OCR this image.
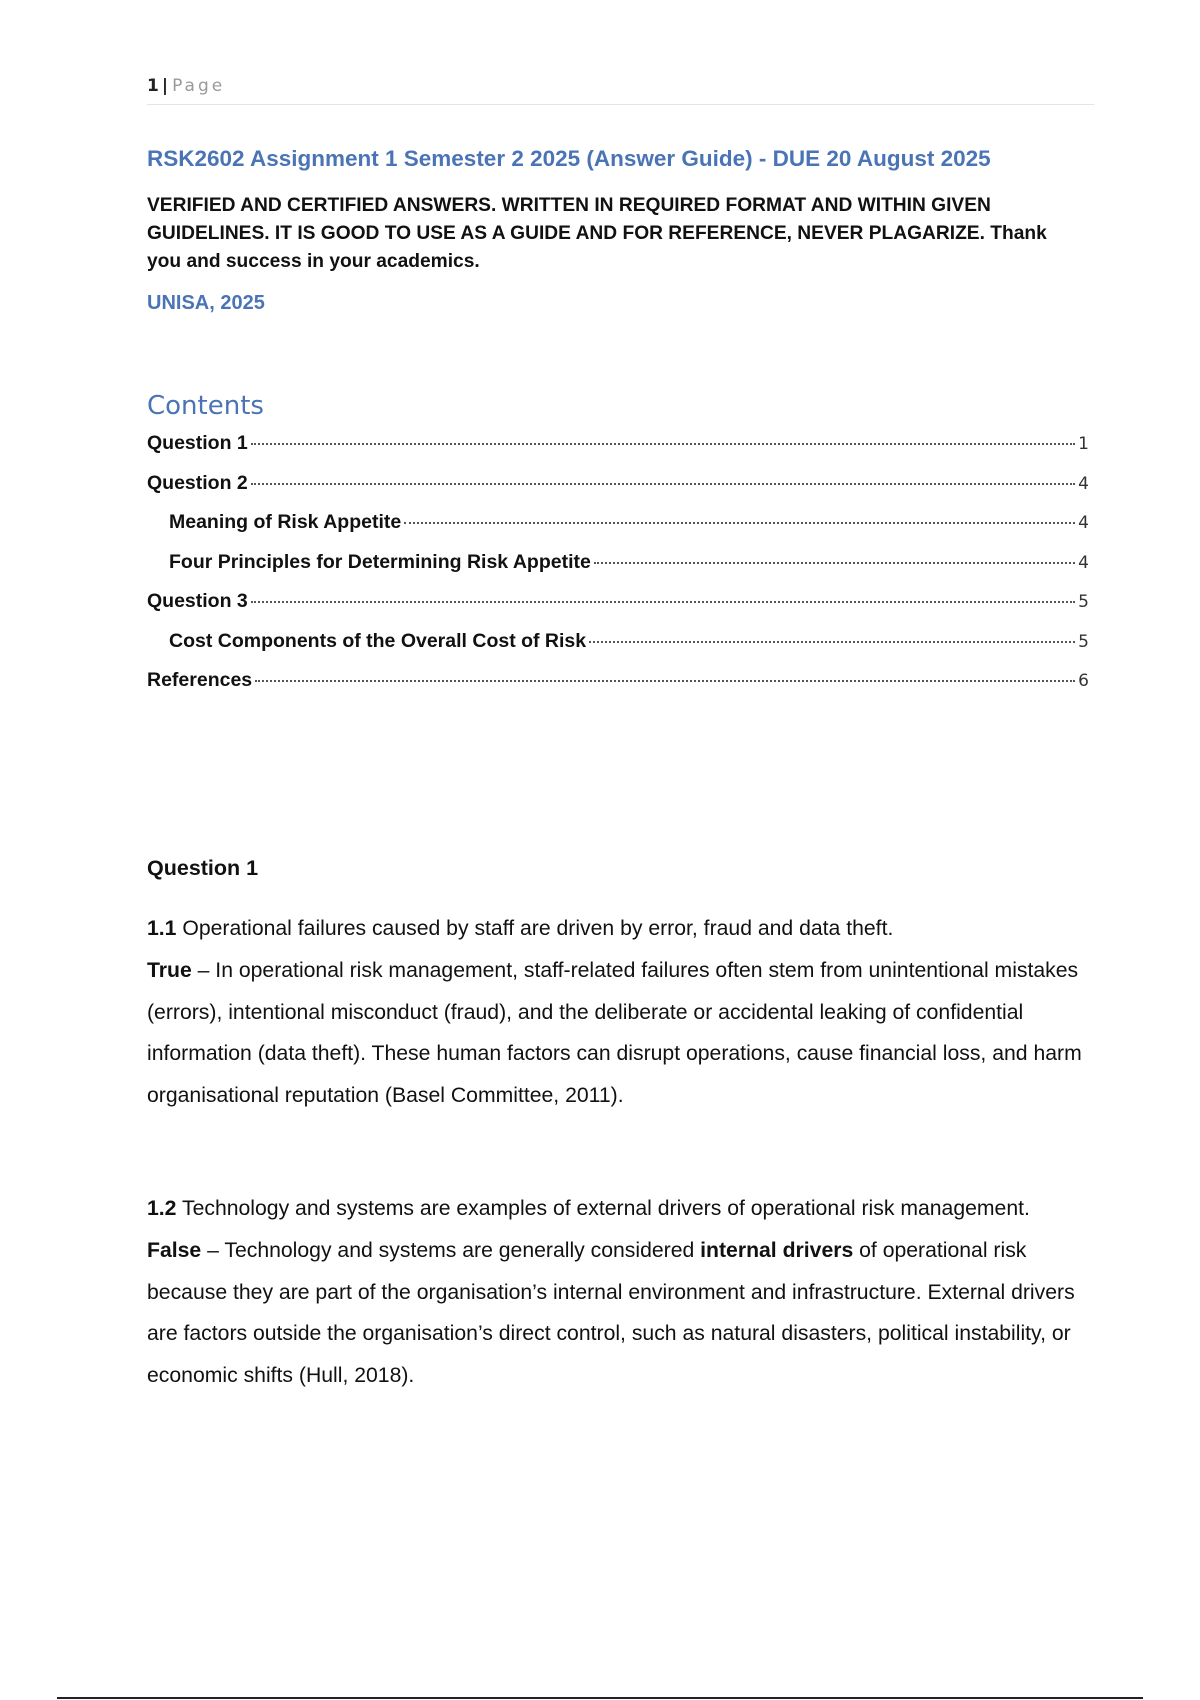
1 | Page
RSK2602 Assignment 1 Semester 2 2025 (Answer Guide) - DUE 20 August 2025
VERIFIED AND CERTIFIED ANSWERS. WRITTEN IN REQUIRED FORMAT AND WITHIN GIVEN GUIDELINES. IT IS GOOD TO USE AS A GUIDE AND FOR REFERENCE, NEVER PLAGARIZE. Thank you and success in your academics.
UNISA, 2025
Contents
Question 1	1
Question 2	4
Meaning of Risk Appetite	4
Four Principles for Determining Risk Appetite	4
Question 3	5
Cost Components of the Overall Cost of Risk	5
References	6
Question 1

1.1 Operational failures caused by staff are driven by error, fraud and data theft.
True – In operational risk management, staff-related failures often stem from unintentional mistakes (errors), intentional misconduct (fraud), and the deliberate or accidental leaking of confidential information (data theft). These human factors can disrupt operations, cause financial loss, and harm organisational reputation (Basel Committee, 2011).

1.2 Technology and systems are examples of external drivers of operational risk management.
False – Technology and systems are generally considered internal drivers of operational risk because they are part of the organisation’s internal environment and infrastructure. External drivers are factors outside the organisation’s direct control, such as natural disasters, political instability, or economic shifts (Hull, 2018).
